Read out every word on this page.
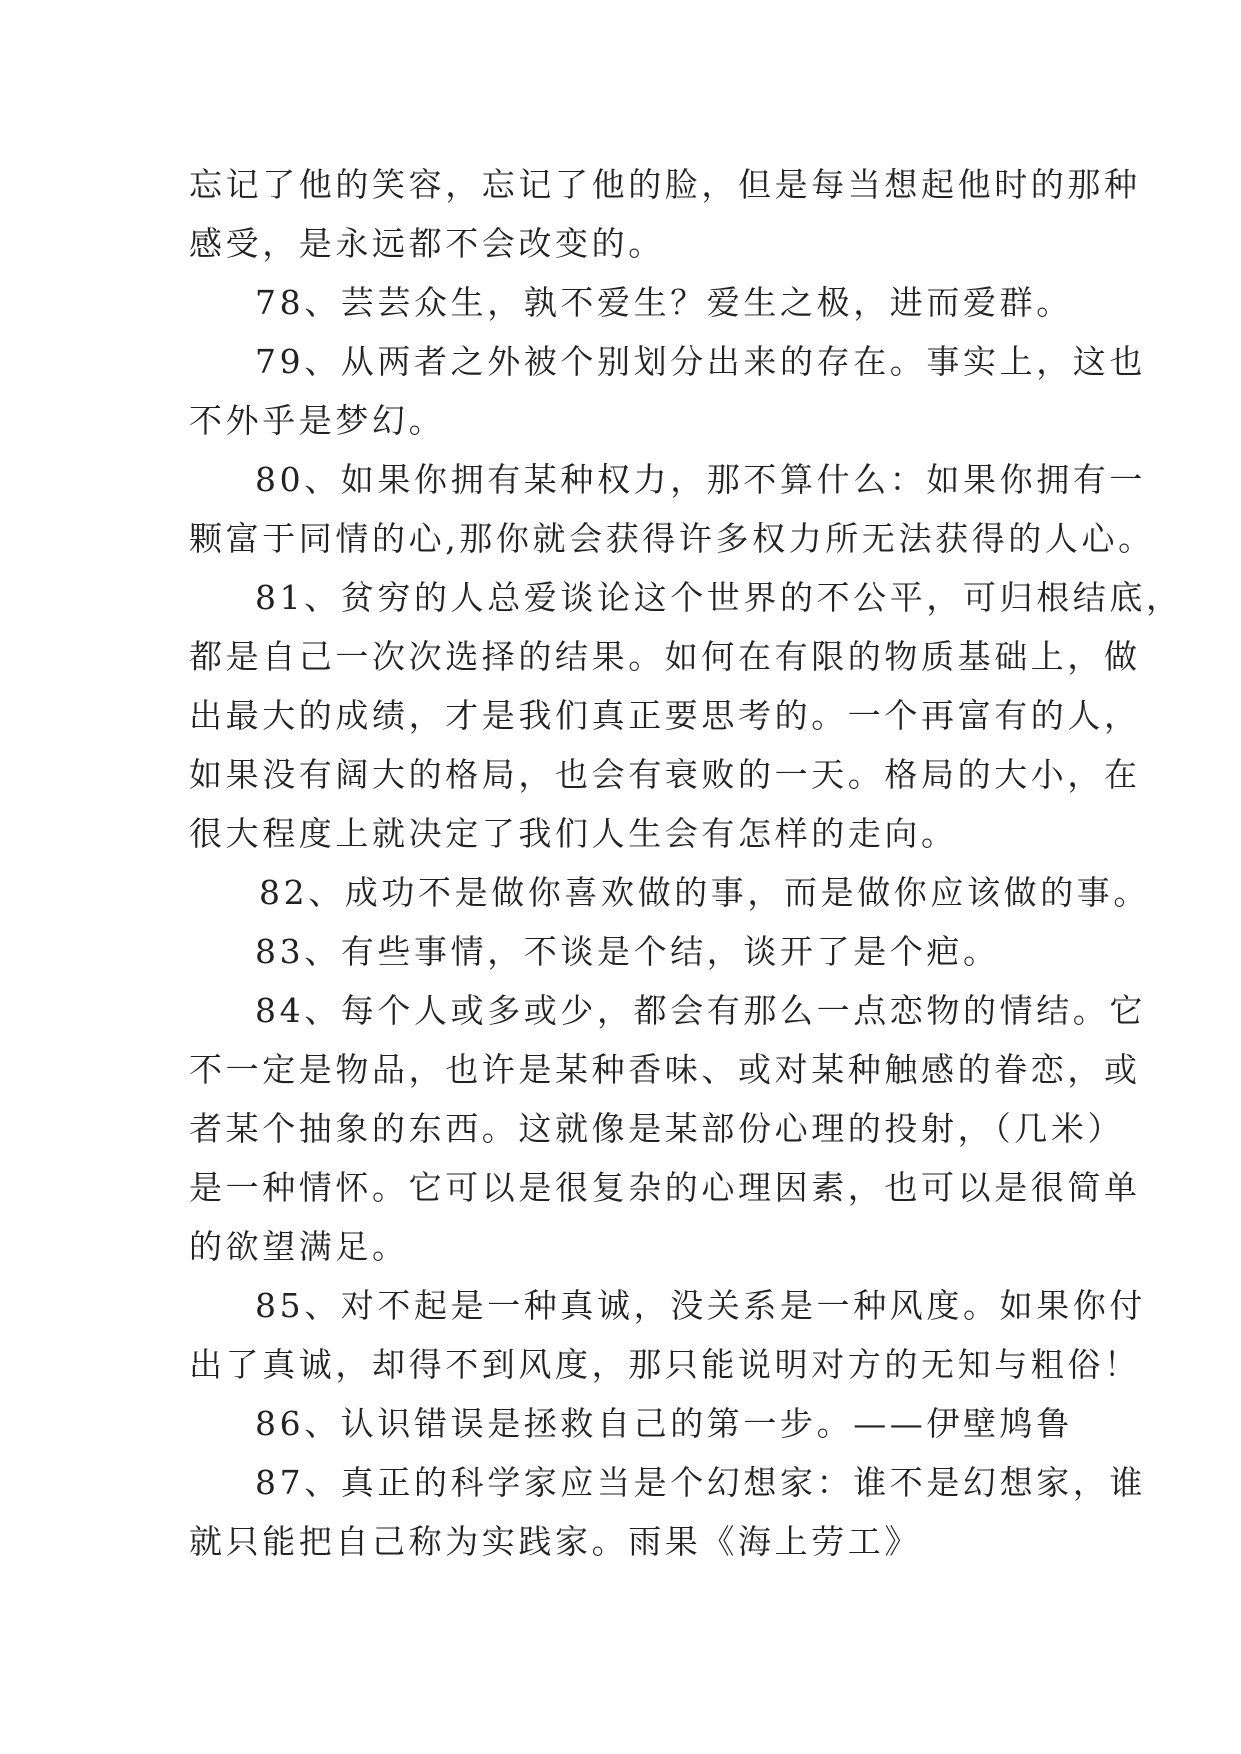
忘记了他的笑容，忘记了他的脸，但是每当想起他时的那种
感受，是永远都不会改变的。
78、芸芸众生，孰不爱生？爱生之极，进而爱群。
79、从两者之外被个别划分出来的存在。事实上，这也
不外乎是梦幻。
80、如果你拥有某种权力，那不算什么：如果你拥有一
颗富于同情的心,那你就会获得许多权力所无法获得的人心。
81、贫穷的人总爱谈论这个世界的不公平，可归根结底，
都是自己一次次选择的结果。如何在有限的物质基础上，做
出最大的成绩，才是我们真正要思考的。一个再富有的人，
如果没有阔大的格局，也会有衰败的一天。格局的大小，在
很大程度上就决定了我们人生会有怎样的走向。
82、成功不是做你喜欢做的事，而是做你应该做的事。
83、有些事情，不谈是个结，谈开了是个疤。
84、每个人或多或少，都会有那么一点恋物的情结。它
不一定是物品，也许是某种香味、或对某种触感的眷恋，或
者某个抽象的东西。这就像是某部份心理的投射，（几米）
是一种情怀。它可以是很复杂的心理因素，也可以是很简单
的欲望满足。
85、对不起是一种真诚，没关系是一种风度。如果你付
出了真诚，却得不到风度，那只能说明对方的无知与粗俗！
86、认识错误是拯救自己的第一步。——伊壁鸠鲁
87、真正的科学家应当是个幻想家：谁不是幻想家，谁
就只能把自己称为实践家。雨果《海上劳工》
